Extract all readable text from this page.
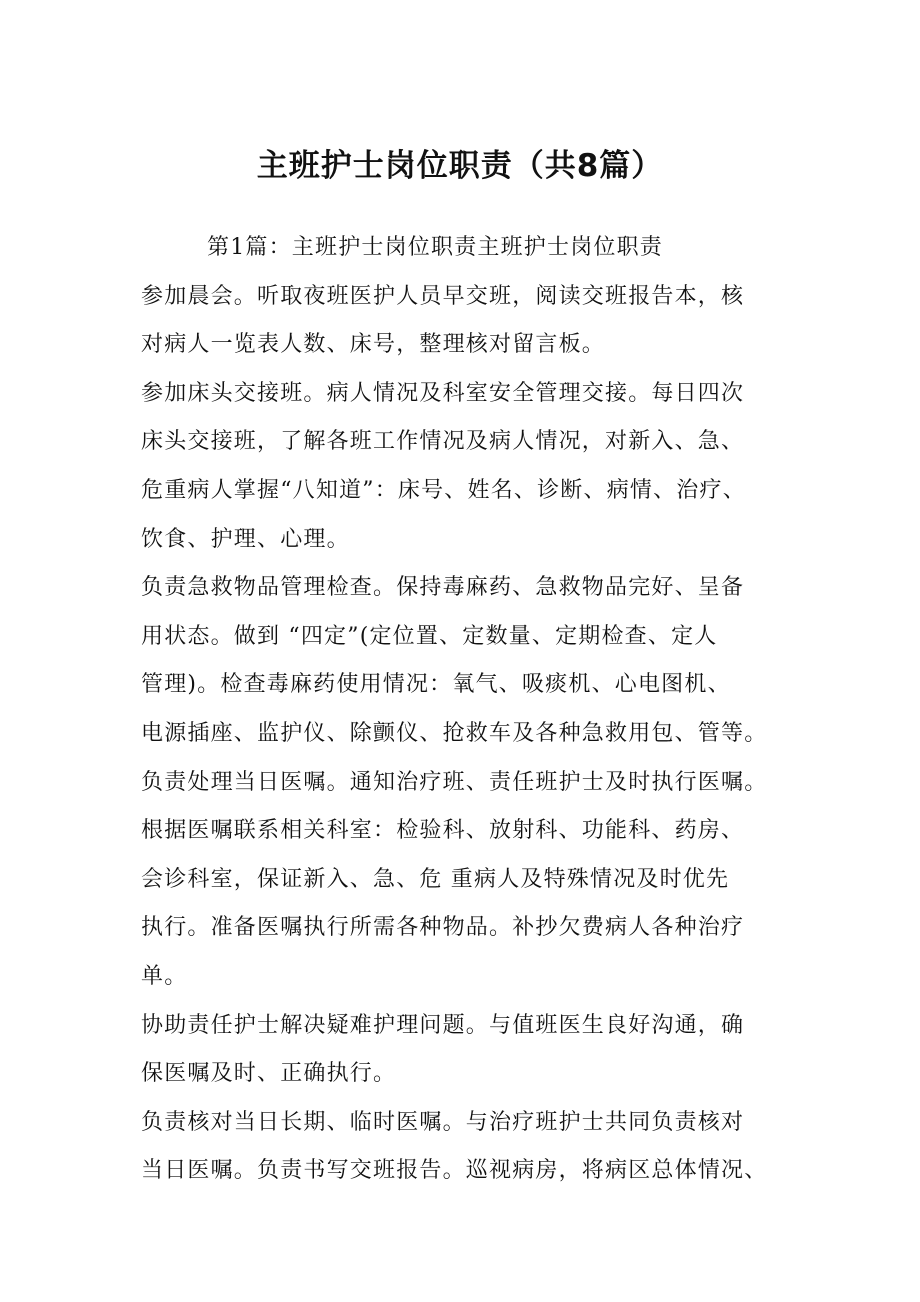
主班护士岗位职责（共8篇）
第1篇：主班护士岗位职责主班护士岗位职责
参加晨会。听取夜班医护人员早交班，阅读交班报告本，核
对病人一览表人数、床号，整理核对留言板。
参加床头交接班。病人情况及科室安全管理交接。每日四次
床头交接班，了解各班工作情况及病人情况，对新入、急、
危重病人掌握“八知道”：床号、姓名、诊断、病情、治疗、
饮食、护理、心理。
负责急救物品管理检查。保持毒麻药、急救物品完好、呈备
用状态。做到 “四定”(定位置、定数量、定期检查、定人
管理)。检查毒麻药使用情况：氧气、吸痰机、心电图机、
电源插座、监护仪、除颤仪、抢救车及各种急救用包、管等。
负责处理当日医嘱。通知治疗班、责任班护士及时执行医嘱。
根据医嘱联系相关科室：检验科、放射科、功能科、药房、
会诊科室，保证新入、急、危 重病人及特殊情况及时优先
执行。准备医嘱执行所需各种物品。补抄欠费病人各种治疗
单。
协助责任护士解决疑难护理问题。与值班医生良好沟通，确
保医嘱及时、正确执行。
负责核对当日长期、临时医嘱。与治疗班护士共同负责核对
当日医嘱。负责书写交班报告。巡视病房，将病区总体情况、
